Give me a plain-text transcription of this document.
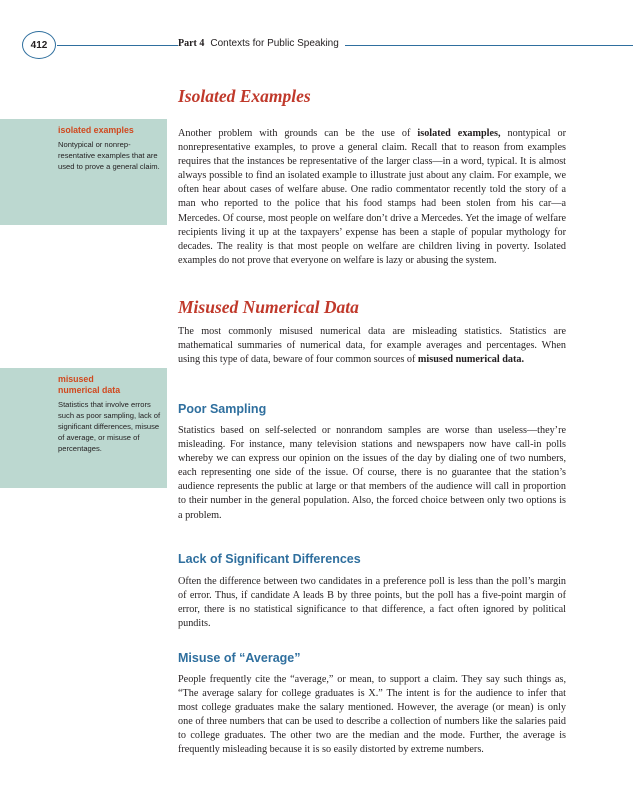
412	Part 4 Contexts for Public Speaking

isolated examples

Nontypical or nonrepresentative examples that are used to prove a general claim.

misused numerical data

Statistics that involve errors such as poor sampling, lack of significant differences, misuse of average, or misuse of percentages.

Isolated Examples

Another problem with grounds can be the use of isolated examples, nontypical or nonrepresentative examples, to prove a general claim. Recall that to reason from examples requires that the instances be representative of the larger class—in a word, typical. It is almost always possible to find an isolated example to illustrate just about any claim. For example, we often hear about cases of welfare abuse. One radio commentator recently told the story of a man who reported to the police that his food stamps had been stolen from his car—a Mercedes. Of course, most people on welfare don’t drive a Mercedes. Yet the image of welfare recipients living it up at the taxpayers’ expense has been a staple of popular mythology for decades. The reality is that most people on welfare are children living in poverty. Isolated examples do not prove that everyone on welfare is lazy or abusing the system.

Misused Numerical Data

The most commonly misused numerical data are misleading statistics. Statistics are mathematical summaries of numerical data, for example averages and percentages. When using this type of data, beware of four common sources of misused numerical data.

Poor Sampling

Statistics based on self-selected or nonrandom samples are worse than useless—they’re misleading. For instance, many television stations and newspapers now have call-in polls whereby we can express our opinion on the issues of the day by dialing one of two numbers, each representing one side of the issue. Of course, there is no guarantee that the station’s audience represents the public at large or that members of the audience will call in proportion to their number in the general population. Also, the forced choice between only two options is a problem.

Lack of Significant Differences

Often the difference between two candidates in a preference poll is less than the poll’s margin of error. Thus, if candidate A leads B by three points, but the poll has a five-point margin of error, there is no statistical significance to that difference, a fact often ignored by political pundits.

Misuse of “Average”

People frequently cite the “average,” or mean, to support a claim. They say such things as, “The average salary for college graduates is X.” The intent is for the audience to infer that most college graduates make the salary mentioned. However, the average (or mean) is only one of three numbers that can be used to describe a collection of numbers like the salaries paid to college graduates. The other two are the median and the mode. Further, the average is frequently misleading because it is so easily distorted by extreme numbers.
